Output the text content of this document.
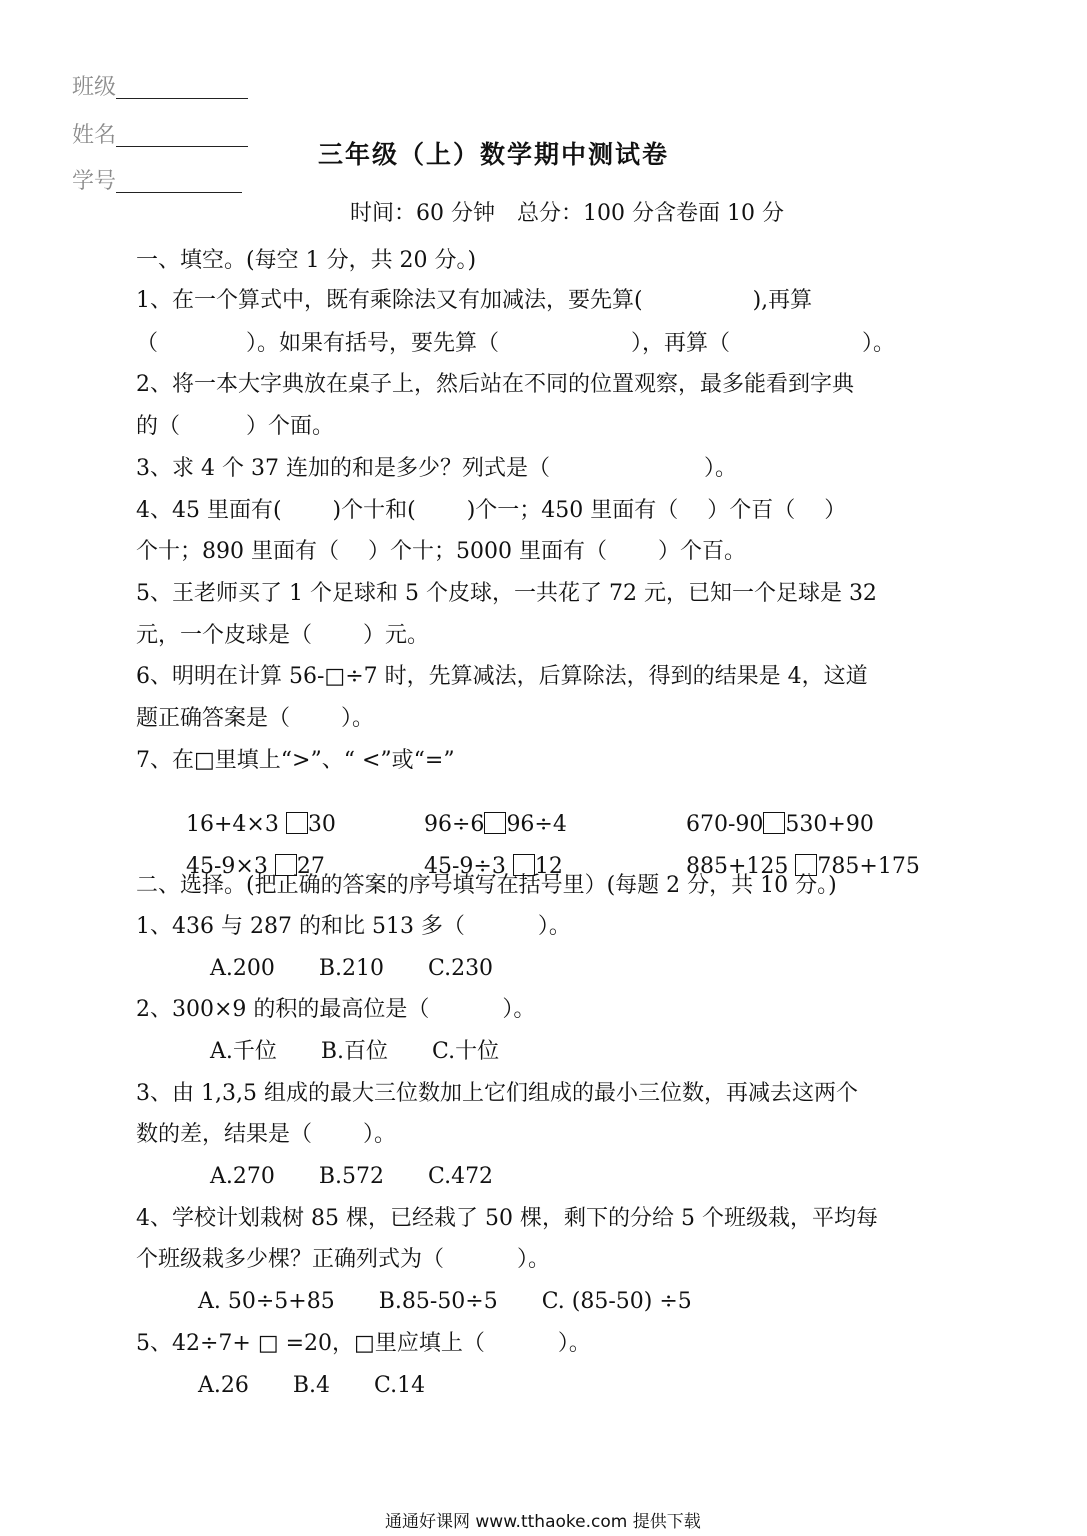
班级

姓名

学号

三年级（上）数学期中测试卷
时间：60 分钟　总分：100 分含卷面 10 分
一、填空。(每空 1 分，共 20 分。)
1、在一个算式中，既有乘除法又有加减法，要先算(　　　　　),再算
（　　　　）。如果有括号，要先算（　　　　　　），再算（　　　　　　）。
2、将一本大字典放在桌子上，然后站在不同的位置观察，最多能看到字典
的（　　　）个面。
3、求 4 个 37 连加的和是多少？列式是（　　　　　　　）。
4、45 里面有(　　 )个十和(　　 )个一；450 里面有（　 ）个百（　 ）
个十；890 里面有（　 ）个十；5000 里面有（　　 ）个百。
5、王老师买了 1 个足球和 5 个皮球，一共花了 72 元，已知一个足球是 32
元，一个皮球是（　　 ）元。
6、明明在计算 56-□÷7 时，先算减法，后算除法，得到的结果是 4，这道
题正确答案是（　　 ）。
7、在□里填上“>”、“ <”或“=”

16+4×3 30	96÷6 96÷4	670-90 530+90

45-9×3 27	45-9÷3 12	885+125 785+175

二、选择。(把正确的答案的序号填写在括号里）(每题 2 分，共 10 分。)
1、436 与 287 的和比 513 多（　　　 ）。
A.200　　B.210　　C.230
2、300×9 的积的最高位是（　　　 ）。
A.千位　　B.百位　　C.十位
3、由 1,3,5 组成的最大三位数加上它们组成的最小三位数，再减去这两个
数的差，结果是（　　 ）。
A.270　　B.572　　C.472
4、学校计划栽树 85 棵，已经栽了 50 棵，剩下的分给 5 个班级栽，平均每
个班级栽多少棵？正确列式为（　　　 ）。
A. 50÷5+85　　B.85-50÷5　　C. (85-50) ÷5
5、42÷7+ □ =20，□里应填上（　　　 ）。
A.26　　B.4　　C.14
通通好课网 www.tthaoke.com 提供下载
